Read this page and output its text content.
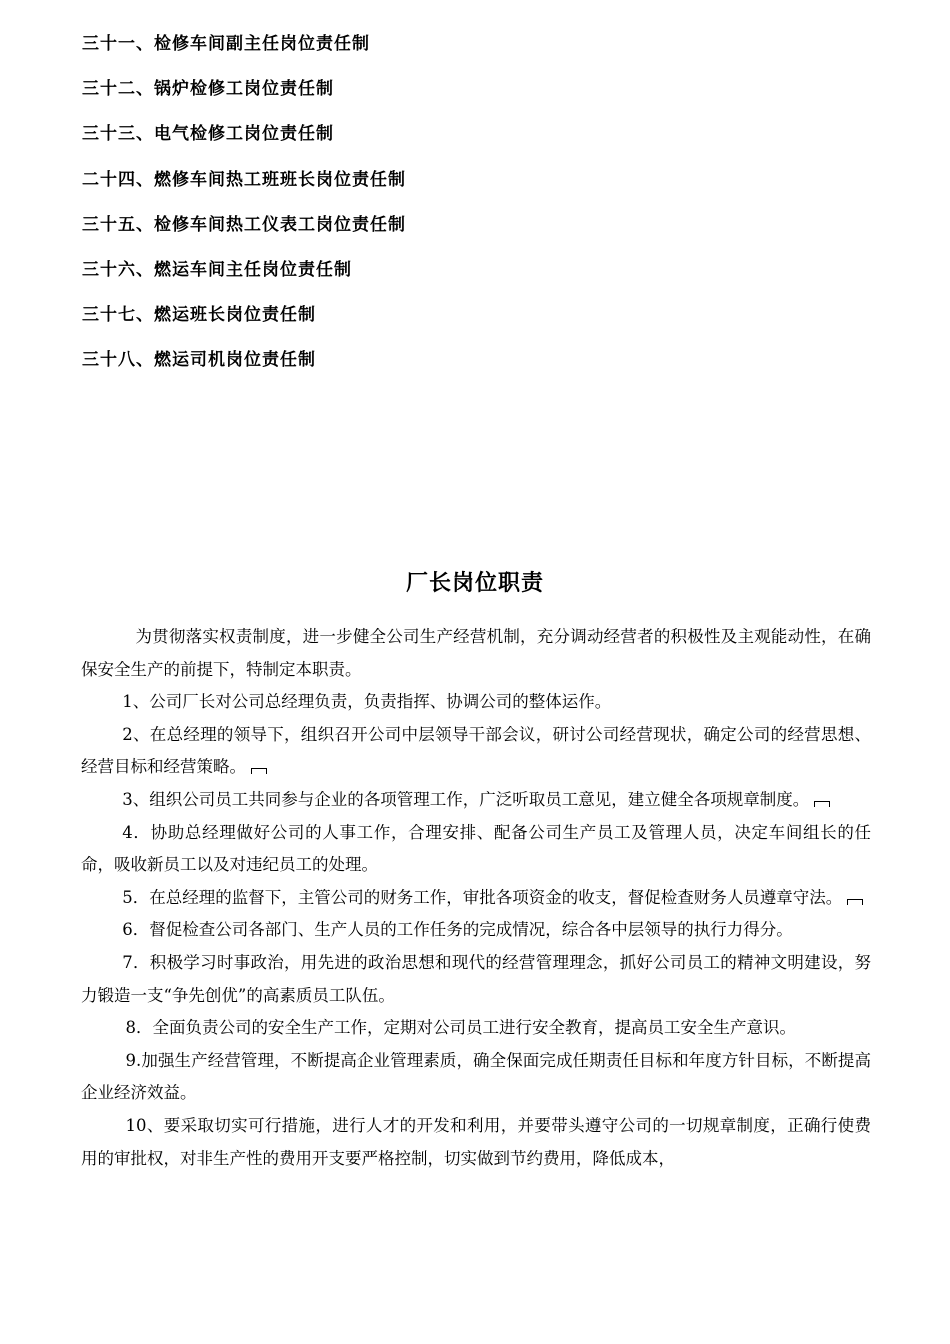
三十一、检修车间副主任岗位责任制
三十二、锅炉检修工岗位责任制
三十三、电气检修工岗位责任制
二十四、燃修车间热工班班长岗位责任制
三十五、检修车间热工仪表工岗位责任制
三十六、燃运车间主任岗位责任制
三十七、燃运班长岗位责任制
三十八、燃运司机岗位责任制
厂长岗位职责

为贯彻落实权责制度，进一步健全公司生产经营机制，充分调动经营者的积极性及主观能动性，在确保安全生产的前提下，特制定本职责。

1、公司厂长对公司总经理负责，负责指挥、协调公司的整体运作。

2、在总经理的领导下，组织召开公司中层领导干部会议，研讨公司经营现状，确定公司的经营思想、经营目标和经营策略。

3、组织公司员工共同参与企业的各项管理工作，广泛听取员工意见，建立健全各项规章制度。

4．协助总经理做好公司的人事工作，合理安排、配备公司生产员工及管理人员，决定车间组长的任命，吸收新员工以及对违纪员工的处理。

5．在总经理的监督下，主管公司的财务工作，审批各项资金的收支，督促检查财务人员遵章守法。

6．督促检查公司各部门、生产人员的工作任务的完成情况，综合各中层领导的执行力得分。

7．积极学习时事政治，用先进的政治思想和现代的经营管理理念，抓好公司员工的精神文明建设，努力锻造一支“争先创优”的高素质员工队伍。

8．全面负责公司的安全生产工作，定期对公司员工进行安全教育，提高员工安全生产意识。

9.加强生产经营管理，不断提高企业管理素质，确全保面完成任期责任目标和年度方针目标，不断提高企业经济效益。

10、要采取切实可行措施，进行人才的开发和利用，并要带头遵守公司的一切规章制度，正确行使费用的审批权，对非生产性的费用开支要严格控制，切实做到节约费用，降低成本，
